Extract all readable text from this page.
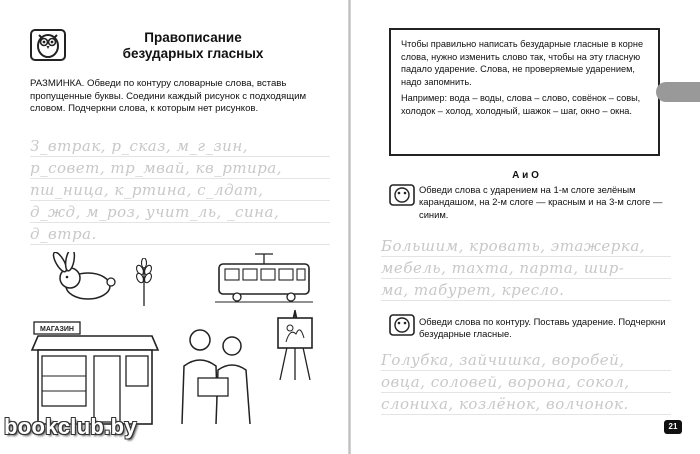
Правописание
безударных гласных
РАЗМИНКА. Обведи по контуру словарные слова, вставь пропущенные буквы. Соедини каждый рисунок с подходящим словом. Подчеркни слова, к которым нет рисунков.
З_втрак, р_сказ, м_г_зин,
р_совет, тр_мвай, кв_ртира,
пш_ница, к_ртина, с_лдат,
д_жд, м_роз, учит_ль, _сина,
д_втра.
МАГАЗИН
bookclub.by
Чтобы правильно написать безударные гласные в корне слова, нужно изменить слово так, чтобы на эту гласную падало ударение. Слова, не проверяемые ударением, надо запомнить.
Например: вода – воды, слова – слово, совёнок – совы, холодок – холод, холодный, шажок – шаг, окно – окна.
А и О
Обведи слова с ударением на 1-м слоге зелёным карандашом, на 2-м слоге — красным и на 3-м слоге — синим.
Большим, кровать, этажерка,
мебель, тахта, парта, шир-
ма, табурет, кресло.
Обведи слова по контуру. Поставь ударение. Подчеркни безударные гласные.
Голубка, зайчишка, воробей,
овца, соловей, ворона, сокол,
слониха, козлёнок, волчонок.
21
